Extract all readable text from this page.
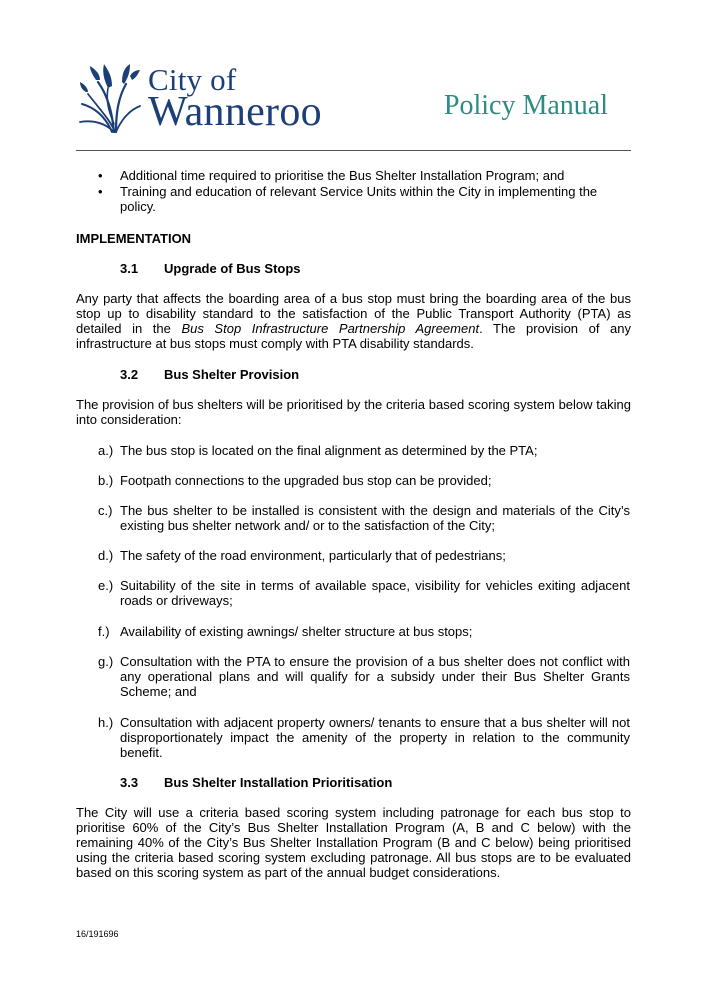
City of
Wanneroo	Policy Manual
• Additional time required to prioritise the Bus Shelter Installation Program; and
• Training and education of relevant Service Units within the City in implementing the policy.
IMPLEMENTATION
3.1 Upgrade of Bus Stops
Any party that affects the boarding area of a bus stop must bring the boarding area of the bus stop up to disability standard to the satisfaction of the Public Transport Authority (PTA) as detailed in the Bus Stop Infrastructure Partnership Agreement. The provision of any infrastructure at bus stops must comply with PTA disability standards.
3.2 Bus Shelter Provision
The provision of bus shelters will be prioritised by the criteria based scoring system below taking into consideration:
a.) The bus stop is located on the final alignment as determined by the PTA;
b.) Footpath connections to the upgraded bus stop can be provided;
c.) The bus shelter to be installed is consistent with the design and materials of the City’s existing bus shelter network and/ or to the satisfaction of the City;
d.) The safety of the road environment, particularly that of pedestrians;
e.) Suitability of the site in terms of available space, visibility for vehicles exiting adjacent roads or driveways;
f.) Availability of existing awnings/ shelter structure at bus stops;
g.) Consultation with the PTA to ensure the provision of a bus shelter does not conflict with any operational plans and will qualify for a subsidy under their Bus Shelter Grants Scheme; and
h.) Consultation with adjacent property owners/ tenants to ensure that a bus shelter will not disproportionately impact the amenity of the property in relation to the community benefit.
3.3 Bus Shelter Installation Prioritisation
The City will use a criteria based scoring system including patronage for each bus stop to prioritise 60% of the City’s Bus Shelter Installation Program (A, B and C below) with the remaining 40% of the City’s Bus Shelter Installation Program (B and C below) being prioritised using the criteria based scoring system excluding patronage. All bus stops are to be evaluated based on this scoring system as part of the annual budget considerations.
16/191696
